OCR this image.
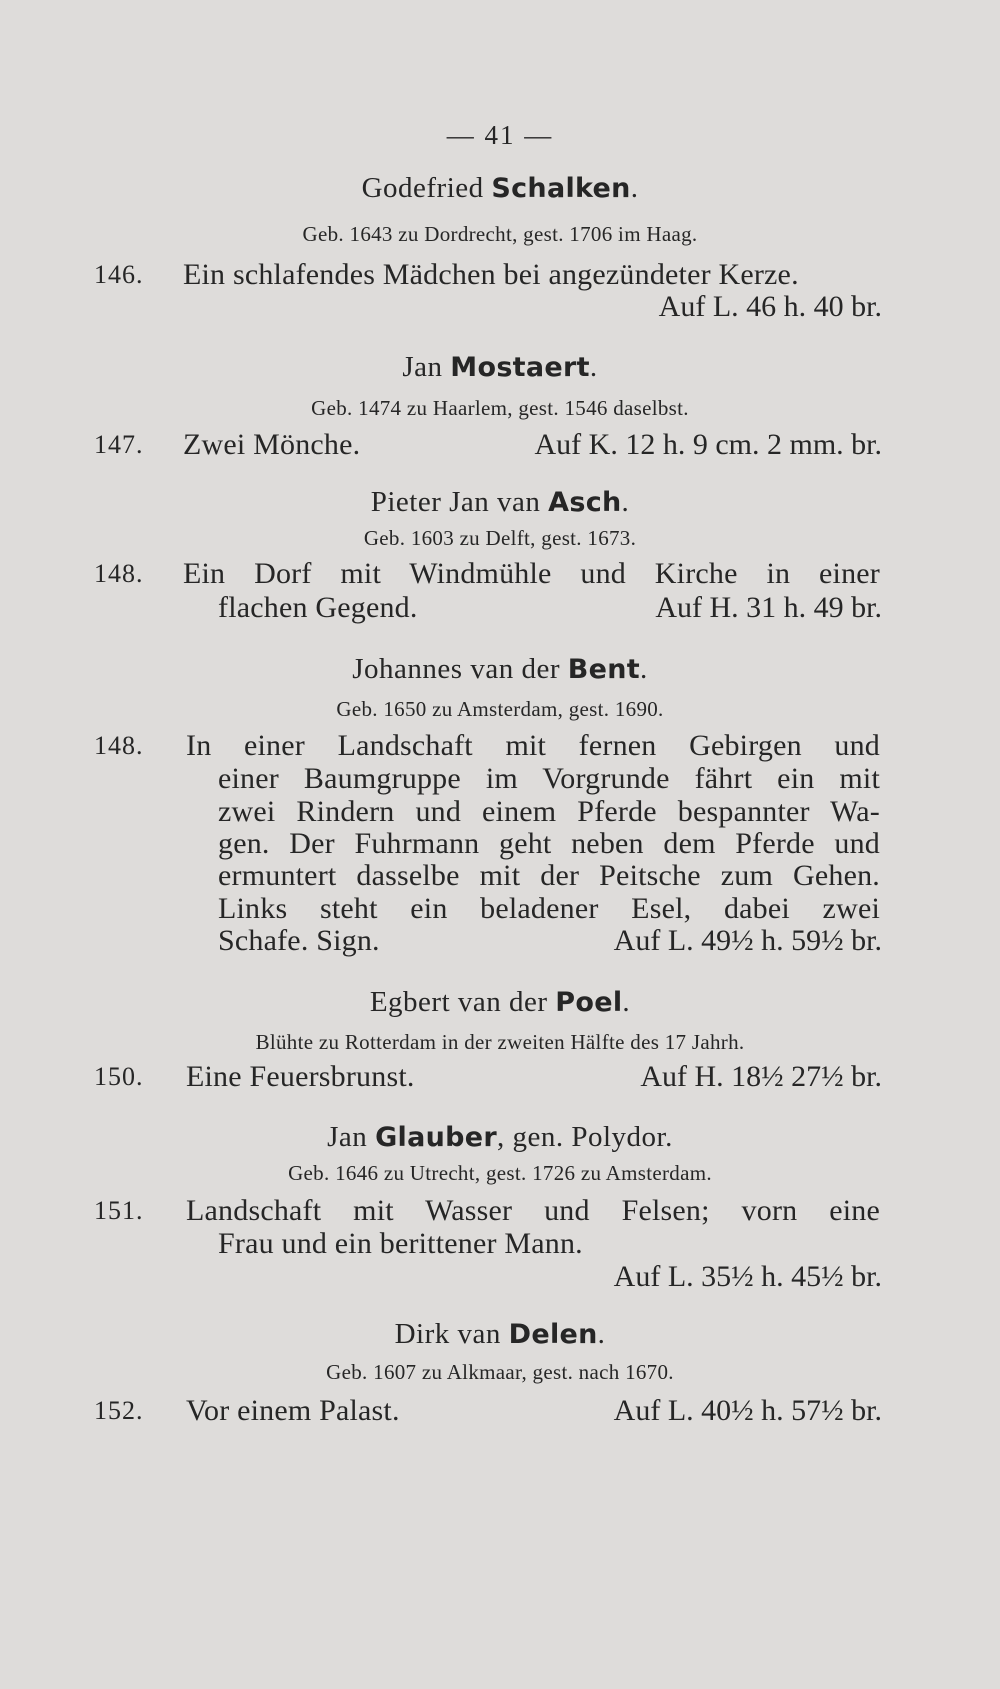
— 41 —
Godefried Schalken.
Geb. 1643 zu Dordrecht, gest. 1706 im Haag.
146. Ein schlafendes Mädchen bei angezündeter Kerze.
Auf L. 46 h. 40 br.
Jan Mostaert.
Geb. 1474 zu Haarlem, gest. 1546 daselbst.
147. Zwei Mönche.	Auf K. 12 h. 9 cm. 2 mm. br.
Pieter Jan van Asch.
Geb. 1603 zu Delft, gest. 1673.
148. Ein Dorf mit Windmühle und Kirche in einer
flachen Gegend.	Auf H. 31 h. 49 br.
Johannes van der Bent.
Geb. 1650 zu Amsterdam, gest. 1690.
148. In einer Landschaft mit fernen Gebirgen und
einer Baumgruppe im Vorgrunde fährt ein mit
zwei Rindern und einem Pferde bespannter Wa-
gen. Der Fuhrmann geht neben dem Pferde und
ermuntert dasselbe mit der Peitsche zum Gehen.
Links steht ein beladener Esel, dabei zwei
Schafe. Sign.	Auf L. 49½ h. 59½ br.
Egbert van der Poel.
Blühte zu Rotterdam in der zweiten Hälfte des 17 Jahrh.
150. Eine Feuersbrunst.	Auf H. 18½ 27½ br.
Jan Glauber, gen. Polydor.
Geb. 1646 zu Utrecht, gest. 1726 zu Amsterdam.
151. Landschaft mit Wasser und Felsen; vorn eine
Frau und ein berittener Mann.
Auf L. 35½ h. 45½ br.
Dirk van Delen.
Geb. 1607 zu Alkmaar, gest. nach 1670.
152. Vor einem Palast.	Auf L. 40½ h. 57½ br.
